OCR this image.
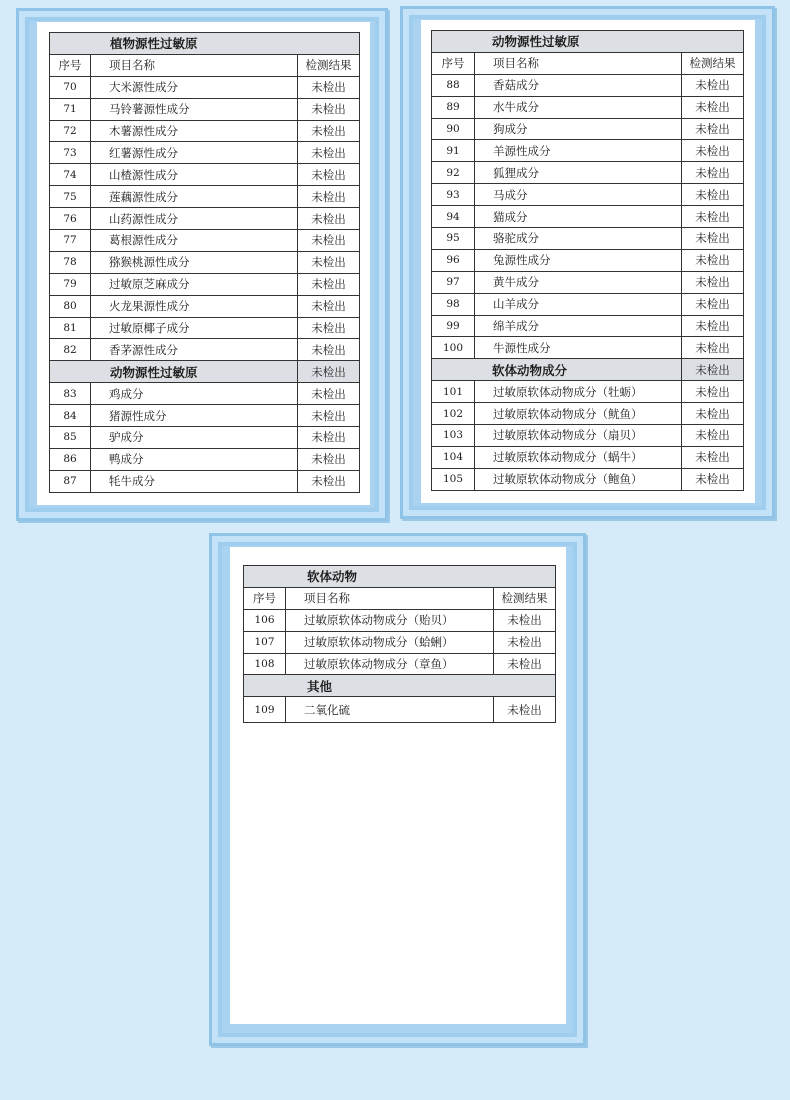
植物源性过敏原		
序号	项目名称	检测结果
70	大米源性成分	未检出
71	马铃薯源性成分	未检出
72	木薯源性成分	未检出
73	红薯源性成分	未检出
74	山楂源性成分	未检出
75	莲藕源性成分	未检出
76	山药源性成分	未检出
77	葛根源性成分	未检出
78	猕猴桃源性成分	未检出
79	过敏原芝麻成分	未检出
80	火龙果源性成分	未检出
81	过敏原椰子成分	未检出
82	香茅源性成分	未检出
动物源性过敏原		未检出
83	鸡成分	未检出
84	猪源性成分	未检出
85	驴成分	未检出
86	鸭成分	未检出
87	牦牛成分	未检出
动物源性过敏原		
序号	项目名称	检测结果
88	香菇成分	未检出
89	水牛成分	未检出
90	狗成分	未检出
91	羊源性成分	未检出
92	狐狸成分	未检出
93	马成分	未检出
94	猫成分	未检出
95	骆驼成分	未检出
96	兔源性成分	未检出
97	黄牛成分	未检出
98	山羊成分	未检出
99	绵羊成分	未检出
100	牛源性成分	未检出
软体动物成分		未检出
101	过敏原软体动物成分（牡蛎）	未检出
102	过敏原软体动物成分（鱿鱼）	未检出
103	过敏原软体动物成分（扇贝）	未检出
104	过敏原软体动物成分（蜗牛）	未检出
105	过敏原软体动物成分（鲍鱼）	未检出
软体动物		
序号	项目名称	检测结果
106	过敏原软体动物成分（贻贝）	未检出
107	过敏原软体动物成分（蛤蜊）	未检出
108	过敏原软体动物成分（章鱼）	未检出
其他		
109	二氧化硫	未检出
